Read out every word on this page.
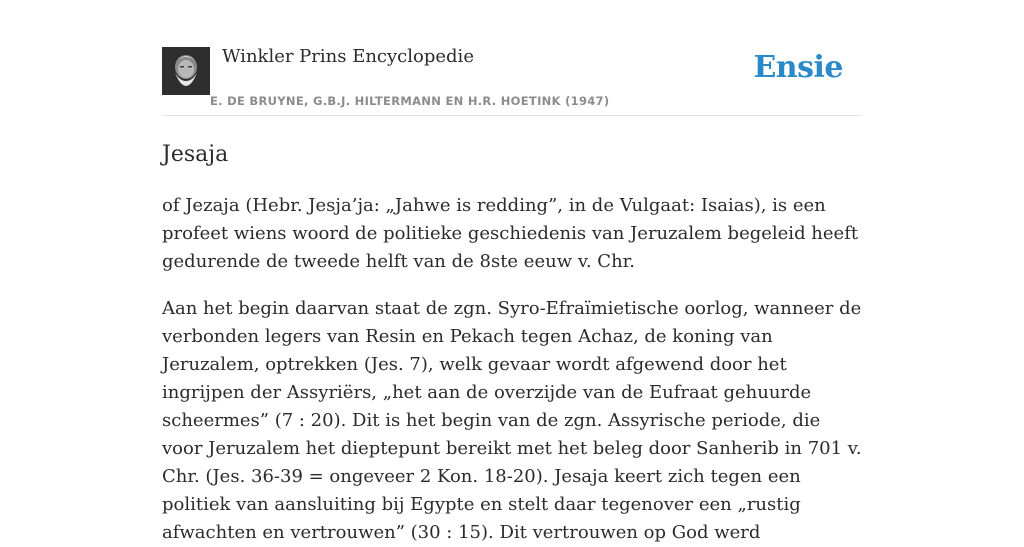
Winkler Prins Encyclopedie
E. DE BRUYNE, G.B.J. HILTERMANN EN H.R. HOETINK (1947)
Ensie
Jesaja

of Jezaja (Hebr. Jesja’ja: „Jahwe is redding”, in de Vulgaat: Isaias), is een profeet wiens woord de politieke geschiedenis van Jeruzalem begeleid heeft gedurende de tweede helft van de 8ste eeuw v. Chr.

Aan het begin daarvan staat de zgn. Syro-Efraïmietische oorlog, wanneer de verbonden legers van Resin en Pekach tegen Achaz, de koning van Jeruzalem, optrekken (Jes. 7), welk gevaar wordt afgewend door het ingrijpen der Assyriërs, „het aan de overzijde van de Eufraat gehuurde scheermes” (7 : 20). Dit is het begin van de zgn. Assyrische periode, die voor Jeruzalem het dieptepunt bereikt met het beleg door Sanherib in 701 v. Chr. (Jes. 36-39 = ongeveer 2 Kon. 18-20). Jesaja keert zich tegen een politiek van aansluiting bij Egypte en stelt daar tegenover een „rustig afwachten en vertrouwen” (30 : 15). Dit vertrouwen op God werd
